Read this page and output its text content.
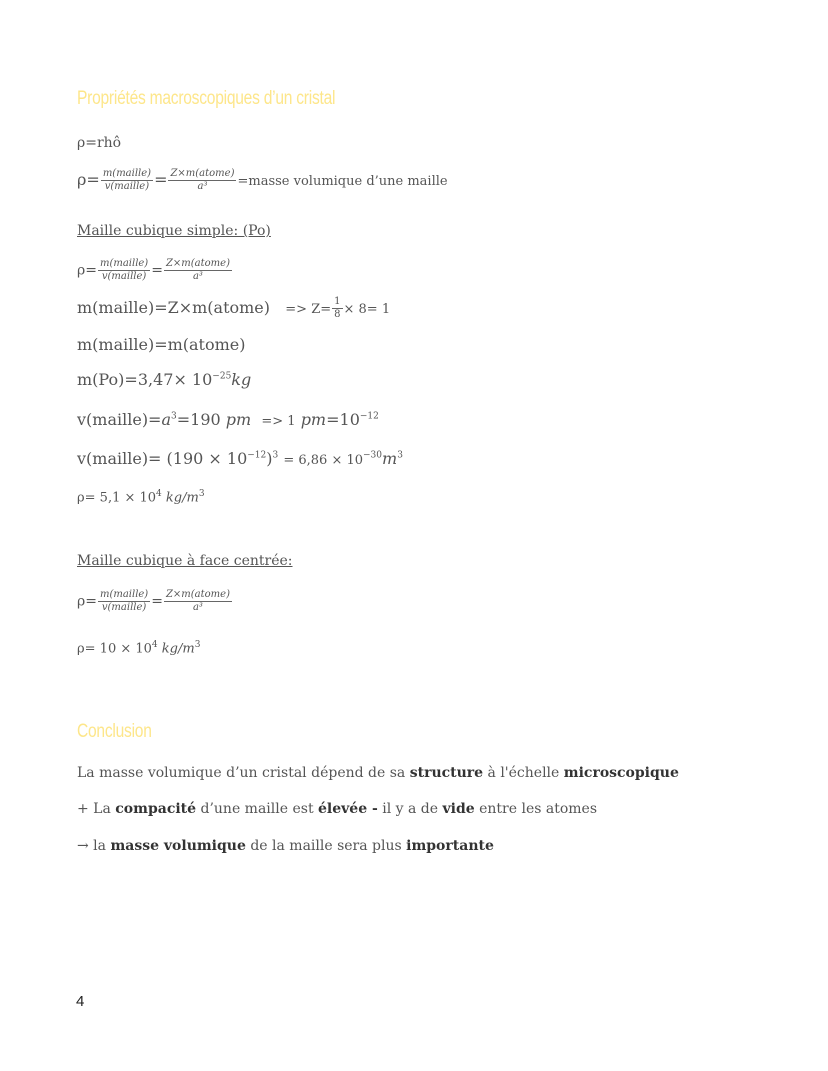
Propriétés macroscopiques d’un cristal
ρ=rhô
$\rho= \frac{\text{m(maille)}}{\text{v(maille)}} = \frac{\text{Z×m(atome)}}{\text{a³}}$ =masse volumique d’une maille
Maille cubique simple: (Po)
$\rho= \frac{\text{m(maille)}}{\text{v(maille)}} = \frac{\text{Z×m(atome)}}{\text{a³}}$
m(maille)=Z×m(atome) => $Z= \frac{1}{8} \times 8= 1$
m(maille)=m(atome)
$m(Po)=3,47\times 10^{-25}kg$
$v(maille)=a^3=190$ pm => 1 $pm=10^{-12}$
v(maille)= $(190 \times 10^{-12})^3 = 6,86 \times 10^{-30}m^3$
$\rho= 5,1 \times 10^4$ $kg/m^3$
Maille cubique à face centrée:
$\rho= \frac{\text{m(maille)}}{\text{v(maille)}} = \frac{\text{Z×m(atome)}}{\text{a³}}$
$\rho= 10 \times 10^4$ $kg/m^3$
Conclusion
La masse volumique d’un cristal dépend de sa structure à l'échelle microscopique
+ La compacité d’une maille est élevée - il y a de vide entre les atomes
→ la masse volumique de la maille sera plus importante
4
